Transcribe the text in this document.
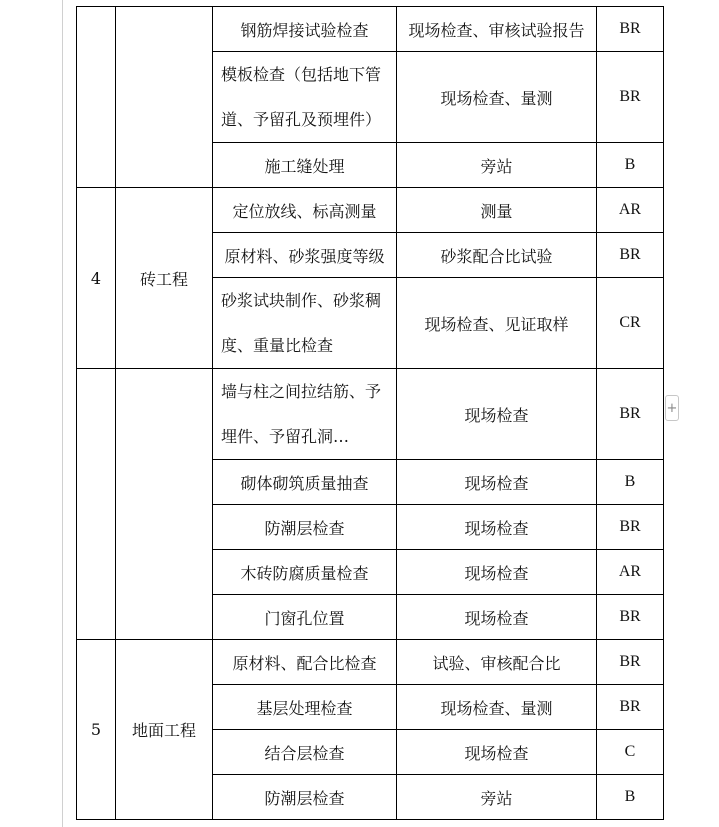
		钢筋焊接试验检查	现场检查、审核试验报告	BR
		模板检查（包括地下管道、予留孔及预埋件）	现场检查、量测	BR
		施工缝处理	旁站	B
4	砖工程	定位放线、标高测量	测量	AR
		原材料、砂浆强度等级	砂浆配合比试验	BR
		砂浆试块制作、砂浆稠度、重量比检查	现场检查、见证取样	CR
		墙与柱之间拉结筋、予埋件、予留孔洞…	现场检查	BR
		砌体砌筑质量抽查	现场检查	B
		防潮层检查	现场检查	BR
		木砖防腐质量检查	现场检查	AR
		门窗孔位置	现场检查	BR
5	地面工程	原材料、配合比检查	试验、审核配合比	BR
		基层处理检查	现场检查、量测	BR
		结合层检查	现场检查	C
		防潮层检查	旁站	B
+
